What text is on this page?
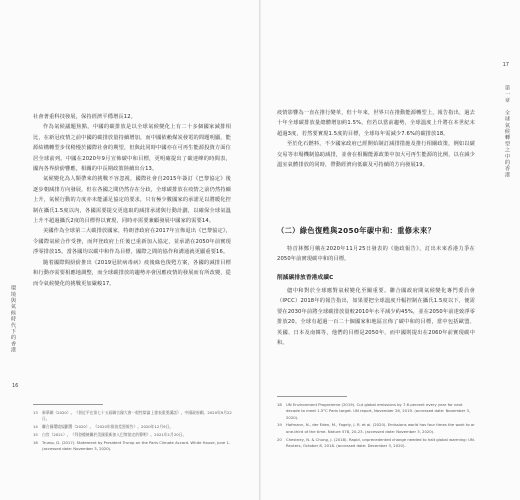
環境與氣候時代下的香港
16

社會著重科技發展，保持經濟平穩增長12。

作為氣候議題焦點，中國的碳排放是以全球氣候變化上有二十多個國家減排相比，在新冠疫情之前中國的碳排放量持續增加，而中國依賴煤炭發電的問題明顯，能源結構轉型步伐稍慢於國際社會的期望，但與此同時中國亦在可再生能源投資方面位居全球前列。中國在2020年9月宣佈碳中和目標，更明確提出了碳達峰的時間表，國內各界紛紛響應，相關的中長期政策陸續出台13。

氣候變化為人類帶來的挑戰不容忽視，國際社會自2015年簽訂《巴黎協定》後逐步朝減排方向發展，但在各國之間仍然存在分歧，全球碳排放在疫情之前仍然持續上升，氣候行動的力度亦未能滿足協定的要求，只有極少數國家的承諾足以將暖化控制在攝氏1.5度以內，各國需要提交更進取的減排承諾與行動計劃，以確保全球氣溫上升不超過攝氏2度的目標得以實現，同時亦需要兼顧發展中國家的需要14。

美國作為全球第二大碳排放國家，特朗普政府在2017年宣佈退出《巴黎協定》，令國際氣候合作受挫，而拜登政府上任後已重新加入協定，並承諾在2050年前實現淨零排放15。當各國均以碳中和作為目標，國際之間的協作和溝通就更顯重要16。

隨着國際間紛紛推出《2019冠狀病毒病》疫後綠色復甦方案，各國的減排目標和行動亦需要相應地調整，而全球碳排放的趨勢亦會因應疫情的發展而有所改變，從而令氣候變化的挑戰更加嚴峻17。

13	新華網（2020）。《習近平在第七十五屆聯合國大會一般性辯論上發表重要講話》。中國政府網。2020年9月22日。
14	聯合國環境規劃署（2020）。《2020年排放差距報告》。2020年12月9日。
15	白宮（2021）。《拜登總統關於美國重新加入巴黎協定的聲明》。2021年1月20日。
16	Trump, D. (2017). Statement by President Trump on the Paris Climate Accord. White House, June 1. (accessed date: November 3, 2020).
17
第一章　全球氣候轉型之中的香港

疫情影響為一直在推行變革，但十年來，世界只在推動能源轉型上，報告指出，過去十年全球碳排放量總體增加約1.5%，但若以當前趨勢，全球溫度上升將在本世紀末超過3度，若然要實現1.5度的目標，全球每年需減少7.6%的碳排放18。

至於化石燃料，不少國家政府已經開始制訂減排措施及推行相關政策，例如以碳交易等市場機制協助減排，並會在相關能源政策中加大可再生能源的比例，以在減少溫室氣體排放的同時，帶動經濟向低碳及可持續的方向發展19。

（二）綠色復甦與2050年碳中和：重修未來？

特首林鄭月娥在2020年11月25日發表的《施政報告》，訂出未來香港力爭在2050年前實現碳中和的目標。

削減碳排放香港成績C

儘中和對於全球應對氣候變化至關重要。聯合國政府間氣候變化專門委員會（IPCC）2018年的報告指出，如果要把全球溫度升幅控制在攝氏1.5度以下，便需要在2030年前將全球碳排放量較2010年水平減少約45%，並在2050年前達致淨零排放20。全球有超過一百二十個國家和地區宣佈了碳中和的目標，當中包括歐盟、英國、日本及南韓等，他們的目標是2050年，而中國則提出在2060年前實現碳中和。

18	UN Environment Programme (2019). Cut global emissions by 7.6 percent every year for next decade to meet 1.5°C Paris target. UN report, November 26, 2019. (accessed date: November 3, 2020).
19	Hofmann, N., der Eden, M., Fogely, J. R. et al. (2020). Emissions world has four times the work to or one-third of the time. Nature 578, 20-23. (accessed date: November 3, 2020).
20	Chestney, N. & Chung, J. (2018). Rapid, unprecedented change needed to halt global warming: UN. Reuters, October 8, 2018. (accessed date: December 3, 2020).
